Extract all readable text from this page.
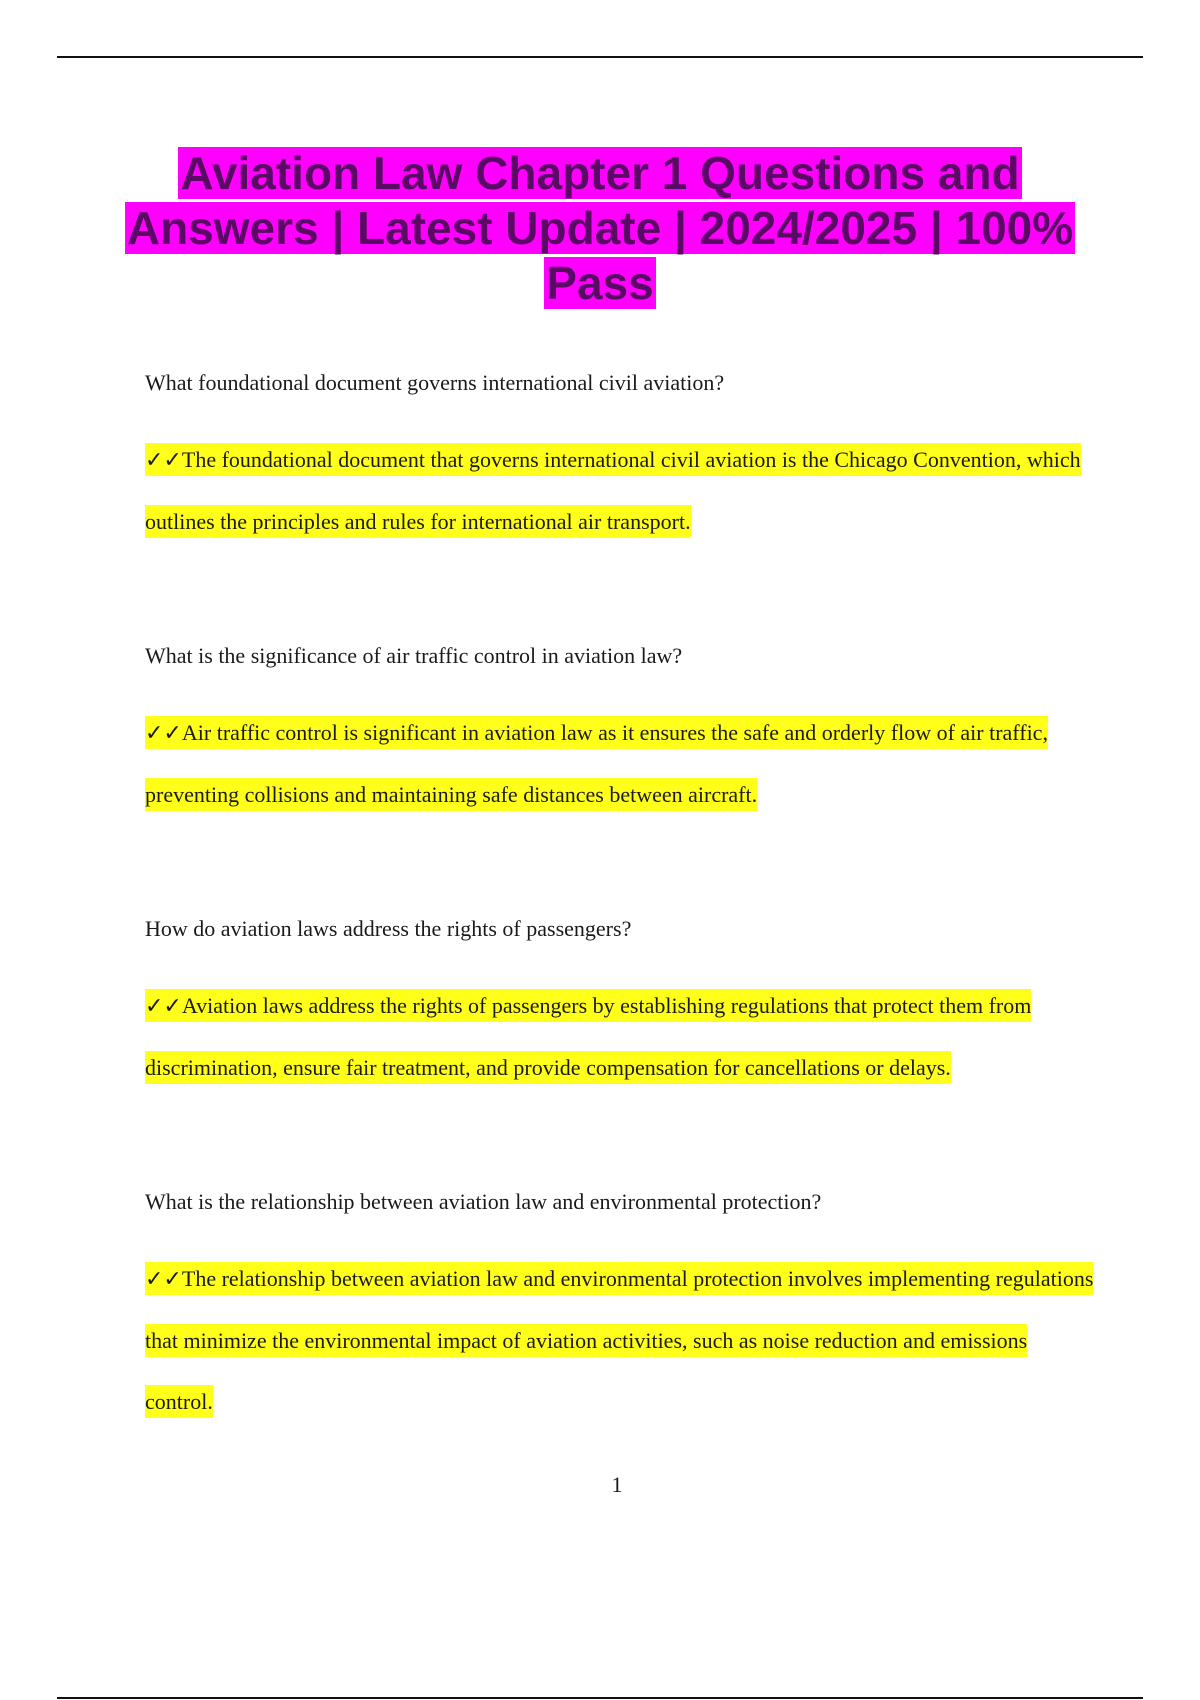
Aviation Law Chapter 1 Questions and Answers | Latest Update | 2024/2025 | 100% Pass

What foundational document governs international civil aviation?

✓✓The foundational document that governs international civil aviation is the Chicago Convention, which outlines the principles and rules for international air transport.

What is the significance of air traffic control in aviation law?

✓✓Air traffic control is significant in aviation law as it ensures the safe and orderly flow of air traffic, preventing collisions and maintaining safe distances between aircraft.

How do aviation laws address the rights of passengers?

✓✓Aviation laws address the rights of passengers by establishing regulations that protect them from discrimination, ensure fair treatment, and provide compensation for cancellations or delays.

What is the relationship between aviation law and environmental protection?

✓✓The relationship between aviation law and environmental protection involves implementing regulations that minimize the environmental impact of aviation activities, such as noise reduction and emissions control.

1
